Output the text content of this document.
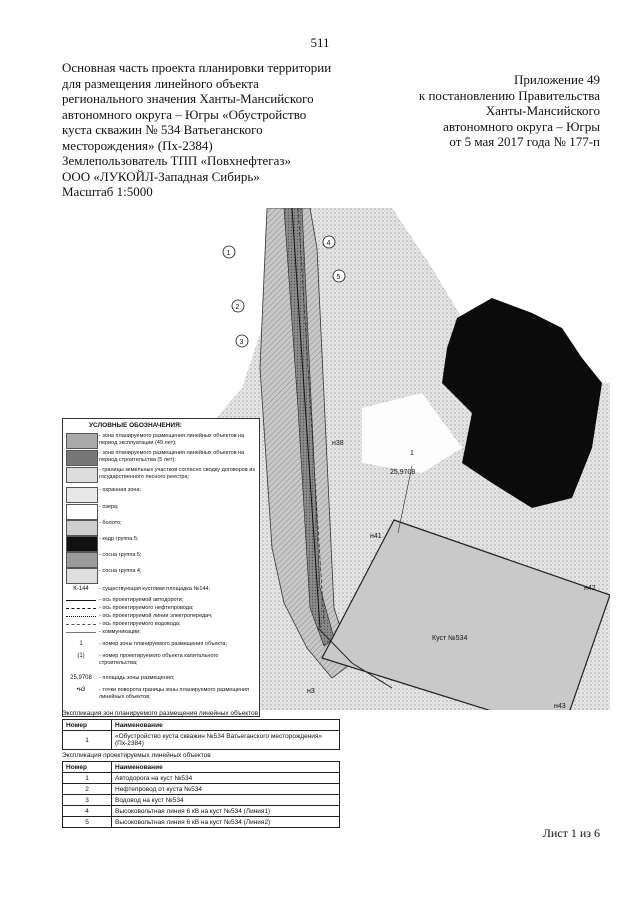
511
Основная часть проекта планировки территории
для размещения линейного объекта
регионального значения Ханты-Мансийского
автономного округа – Югры «Обустройство
куста скважин № 534 Ватьеганского
месторождения» (Пх-2384)
Землепользователь ТПП «Повхнефтегаз»
ООО «ЛУКОЙЛ-Западная Сибирь»
Масштаб 1:5000
Приложение 49
к постановлению Правительства
Ханты-Мансийского
автономного округа – Югры
от 5 мая 2017 года № 177-п
Куст №534
1
25,9708
н38
н41
н42
н43
н3
1
2
3
4
5
УСЛОВНЫЕ ОБОЗНАЧЕНИЯ:
- зона планируемого размещения линейных объектов на период эксплуатации (49 лет);
- зона планируемого размещения линейных объектов на период строительства (5 лет);
- границы земельных участков согласно сводку договоров из государственного лесного реестра;
- охранная зона;
- озера;
- болото;
- кедр группа 5;
- сосна группа 5;
- сосна группа 4;
К-144	- существующая кустовая площадка №144;
- ось проектируемой автодороги;
- ось проектируемого нефтепровода;
- ось проектируемой линии электропередач;
- ось проектируемого водовода;
- коммуникации;
1	- номер зоны планируемого размещения объекта;
(1)	- номер проектируемого объекта капитального строительства;
25,9708	- площадь зоны размещения;
•н3	- точки поворота границы зоны планируемого размещения линейных объектов;
Экспликация зон планируемого размещения линейных объектов
Номер	Наименование
1	«Обустройство куста скважин №534 Ватьеганского месторождения» (Пх-2384)
Экспликация проектируемых линейных объектов
Номер	Наименование
1	Автодорога на куст №534
2	Нефтепровод от куста №534
3	Водовод на куст №534
4	Высоковольтная линия 6 кВ на куст №534 (Линия1)
5	Высоковольтная линия 6 кВ на куст №534 (Линия2)
Лист 1 из 6
